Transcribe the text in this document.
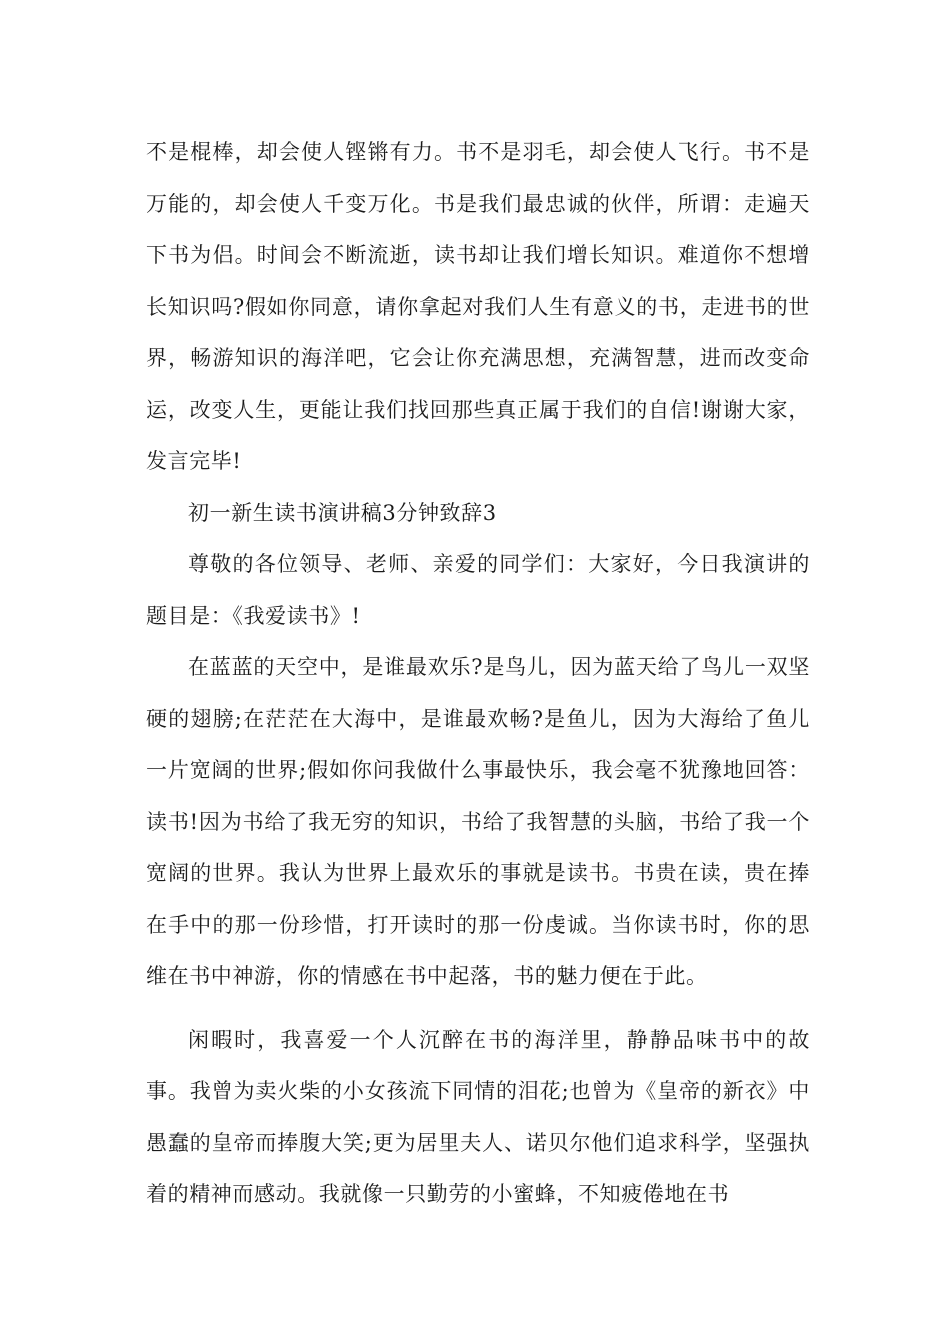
不是棍棒，却会使人铿锵有力。书不是羽毛，却会使人飞行。书不是万能的，却会使人千变万化。书是我们最忠诚的伙伴，所谓：走遍天下书为侣。时间会不断流逝，读书却让我们增长知识。难道你不想增长知识吗?假如你同意，请你拿起对我们人生有意义的书，走进书的世界，畅游知识的海洋吧，它会让你充满思想，充满智慧，进而改变命运，改变人生，更能让我们找回那些真正属于我们的自信!谢谢大家，发言完毕!

初一新生读书演讲稿3分钟致辞3

尊敬的各位领导、老师、亲爱的同学们：大家好，今日我演讲的题目是：《我爱读书》!

在蓝蓝的天空中，是谁最欢乐?是鸟儿，因为蓝天给了鸟儿一双坚硬的翅膀;在茫茫在大海中，是谁最欢畅?是鱼儿，因为大海给了鱼儿一片宽阔的世界;假如你问我做什么事最快乐，我会毫不犹豫地回答：读书!因为书给了我无穷的知识，书给了我智慧的头脑，书给了我一个宽阔的世界。我认为世界上最欢乐的事就是读书。书贵在读，贵在捧在手中的那一份珍惜，打开读时的那一份虔诚。当你读书时，你的思维在书中神游，你的情感在书中起落，书的魅力便在于此。

闲暇时，我喜爱一个人沉醉在书的海洋里，静静品味书中的故事。我曾为卖火柴的小女孩流下同情的泪花;也曾为《皇帝的新衣》中愚蠢的皇帝而捧腹大笑;更为居里夫人、诺贝尔他们追求科学，坚强执着的精神而感动。我就像一只勤劳的小蜜蜂，不知疲倦地在书
